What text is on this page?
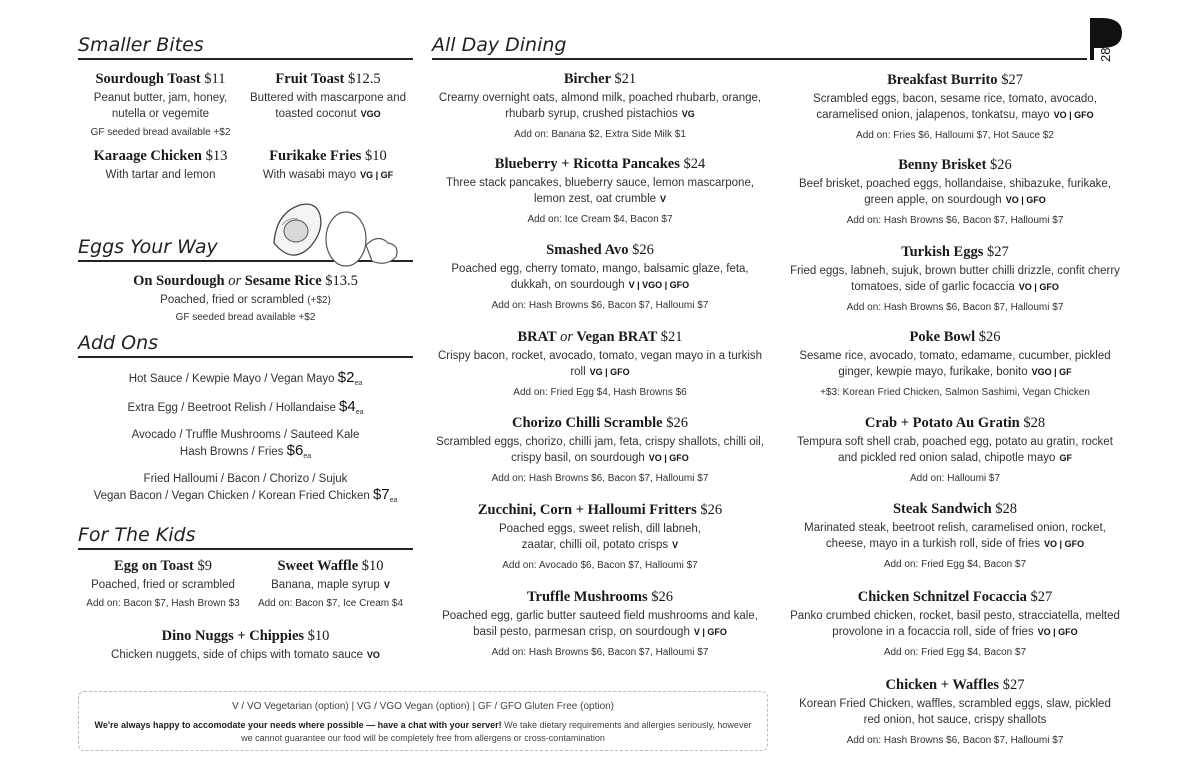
281
Smaller Bites	All Day Dining
Eggs Your Way
Add Ons
For The Kids
Sourdough Toast $11
Peanut butter, jam, honey, nutella or vegemite
GF seeded bread available +$2
Fruit Toast $12.5
Buttered with mascarpone and toasted coconut VGO
Karaage Chicken $13
With tartar and lemon
Furikake Fries $10
With wasabi mayo VG | GF
On Sourdough or Sesame Rice $13.5
Poached, fried or scrambled (+$2)
GF seeded bread available +$2
Hot Sauce / Kewpie Mayo / Vegan Mayo $\$2_{ea}$
Extra Egg / Beetroot Relish / Hollandaise $\$4_{ea}$
Avocado / Truffle Mushrooms / Sauteed Kale
Hash Browns / Fries $\$6_{ea}$
Fried Halloumi / Bacon / Chorizo / Sujuk
Vegan Bacon / Vegan Chicken / Korean Fried Chicken $\$7_{ea}$
Egg on Toast $9
Poached, fried or scrambled
Add on: Bacon $7, Hash Brown $3
Sweet Waffle $10
Banana, maple syrup V
Add on: Bacon $7, Ice Cream $4
Dino Nuggs + Chippies $10
Chicken nuggets, side of chips with tomato sauce VO
Bircher $21
Creamy overnight oats, almond milk, poached rhubarb, orange, rhubarb syrup, crushed pistachios VG
Add on: Banana $2, Extra Side Milk $1
Blueberry + Ricotta Pancakes $24
Three stack pancakes, blueberry sauce, lemon mascarpone, lemon zest, oat crumble V
Add on: Ice Cream $4, Bacon $7
Smashed Avo $26
Poached egg, cherry tomato, mango, balsamic glaze, feta, dukkah, on sourdough V | VGO | GFO
Add on: Hash Browns $6, Bacon $7, Halloumi $7
BRAT or Vegan BRAT $21
Crispy bacon, rocket, avocado, tomato, vegan mayo in a turkish roll VG | GFO
Add on: Fried Egg $4, Hash Browns $6
Chorizo Chilli Scramble $26
Scrambled eggs, chorizo, chilli jam, feta, crispy shallots, chilli oil, crispy basil, on sourdough VO | GFO
Add on: Hash Browns $6, Bacon $7, Halloumi $7
Zucchini, Corn + Halloumi Fritters $26
Poached eggs, sweet relish, dill labneh, zaatar, chilli oil, potato crisps V
Add on: Avocado $6, Bacon $7, Halloumi $7
Truffle Mushrooms $26
Poached egg, garlic butter sauteed field mushrooms and kale, basil pesto, parmesan crisp, on sourdough V | GFO
Add on: Hash Browns $6, Bacon $7, Halloumi $7
Breakfast Burrito $27
Scrambled eggs, bacon, sesame rice, tomato, avocado, caramelised onion, jalapenos, tonkatsu, mayo VO | GFO
Add on: Fries $6, Halloumi $7, Hot Sauce $2
Benny Brisket $26
Beef brisket, poached eggs, hollandaise, shibazuke, furikake, green apple, on sourdough VO | GFO
Add on: Hash Browns $6, Bacon $7, Halloumi $7
Turkish Eggs $27
Fried eggs, labneh, sujuk, brown butter chilli drizzle, confit cherry tomatoes, side of garlic focaccia VO | GFO
Add on: Hash Browns $6, Bacon $7, Halloumi $7
Poke Bowl $26
Sesame rice, avocado, tomato, edamame, cucumber, pickled ginger, kewpie mayo, furikake, bonito VGO | GF
+$3: Korean Fried Chicken, Salmon Sashimi, Vegan Chicken
Crab + Potato Au Gratin $28
Tempura soft shell crab, poached egg, potato au gratin, rocket and pickled red onion salad, chipotle mayo GF
Add on: Halloumi $7
Steak Sandwich $28
Marinated steak, beetroot relish, caramelised onion, rocket, cheese, mayo in a turkish roll, side of fries VO | GFO
Add on: Fried Egg $4, Bacon $7
Chicken Schnitzel Focaccia $27
Panko crumbed chicken, rocket, basil pesto, stracciatella, melted provolone in a focaccia roll, side of fries VO | GFO
Add on: Fried Egg $4, Bacon $7
Chicken + Waffles $27
Korean Fried Chicken, waffles, scrambled eggs, slaw, pickled red onion, hot sauce, crispy shallots
Add on: Hash Browns $6, Bacon $7, Halloumi $7
V / VO Vegetarian (option) | VG / VGO Vegan (option) | GF / GFO Gluten Free (option)
We're always happy to accomodate your needs where possible — have a chat with your server! We take dietary requirements and allergies seriously, however we cannot guarantee our food will be completely free from allergens or cross-contamination
